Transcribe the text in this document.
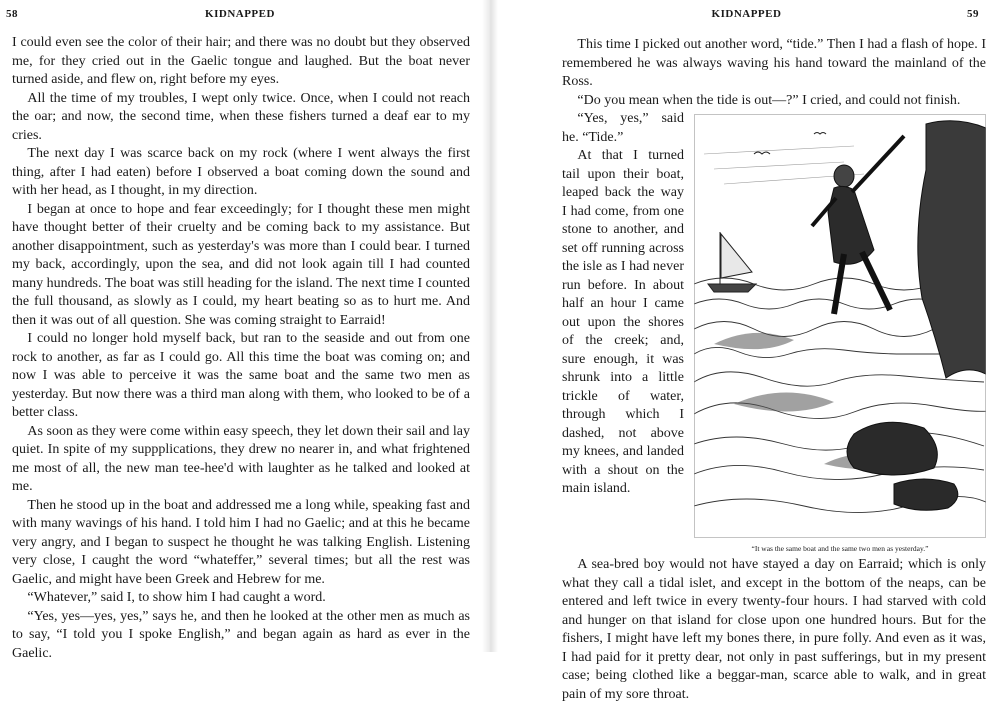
58	KIDNAPPED

I could even see the color of their hair; and there was no doubt but they observed me, for they cried out in the Gaelic tongue and laughed. But the boat never turned aside, and flew on, right before my eyes.

All the time of my troubles, I wept only twice. Once, when I could not reach the oar; and now, the second time, when these fishers turned a deaf ear to my cries.

The next day I was scarce back on my rock (where I went always the first thing, after I had eaten) before I observed a boat coming down the sound and with her head, as I thought, in my direction.

I began at once to hope and fear exceedingly; for I thought these men might have thought better of their cruelty and be coming back to my assistance. But another disappointment, such as yesterday's was more than I could bear. I turned my back, accordingly, upon the sea, and did not look again till I had counted many hundreds. The boat was still heading for the island. The next time I counted the full thousand, as slowly as I could, my heart beating so as to hurt me. And then it was out of all question. She was coming straight to Earraid!

I could no longer hold myself back, but ran to the seaside and out from one rock to another, as far as I could go. All this time the boat was coming on; and now I was able to perceive it was the same boat and the same two men as yesterday. But now there was a third man along with them, who looked to be of a better class.

As soon as they were come within easy speech, they let down their sail and lay quiet. In spite of my suppplications, they drew no nearer in, and what frightened me most of all, the new man tee-hee'd with laughter as he talked and looked at me.

Then he stood up in the boat and addressed me a long while, speaking fast and with many wavings of his hand. I told him I had no Gaelic; and at this he became very angry, and I began to suspect he thought he was talking English. Listening very close, I caught the word “whateffer,” several times; but all the rest was Gaelic, and might have been Greek and Hebrew for me.

“Whatever,” said I, to show him I had caught a word.

“Yes, yes—yes, yes,” says he, and then he looked at the other men as much as to say, “I told you I spoke English,” and began again as hard as ever in the Gaelic.

KIDNAPPED	59

This time I picked out another word, “tide.” Then I had a flash of hope. I remembered he was always waving his hand toward the mainland of the Ross.

“Do you mean when the tide is out—?” I cried, and could not finish.

“It was the same boat and the same two men as yesterday.”

“Yes, yes,” said he. “Tide.”

At that I turned tail upon their boat, leaped back the way I had come, from one stone to another, and set off running across the isle as I had never run before. In about half an hour I came out upon the shores of the creek; and, sure enough, it was shrunk into a little trickle of water, through which I dashed, not above my knees, and landed with a shout on the main island.

A sea-bred boy would not have stayed a day on Earraid; which is only what they call a tidal islet, and except in the bottom of the neaps, can be entered and left twice in every twenty-four hours. I had starved with cold and hunger on that island for close upon one hundred hours. But for the fishers, I might have left my bones there, in pure folly. And even as it was, I had paid for it pretty dear, not only in past sufferings, but in my present case; being clothed like a beggar-man, scarce able to walk, and in great pain of my sore throat.
